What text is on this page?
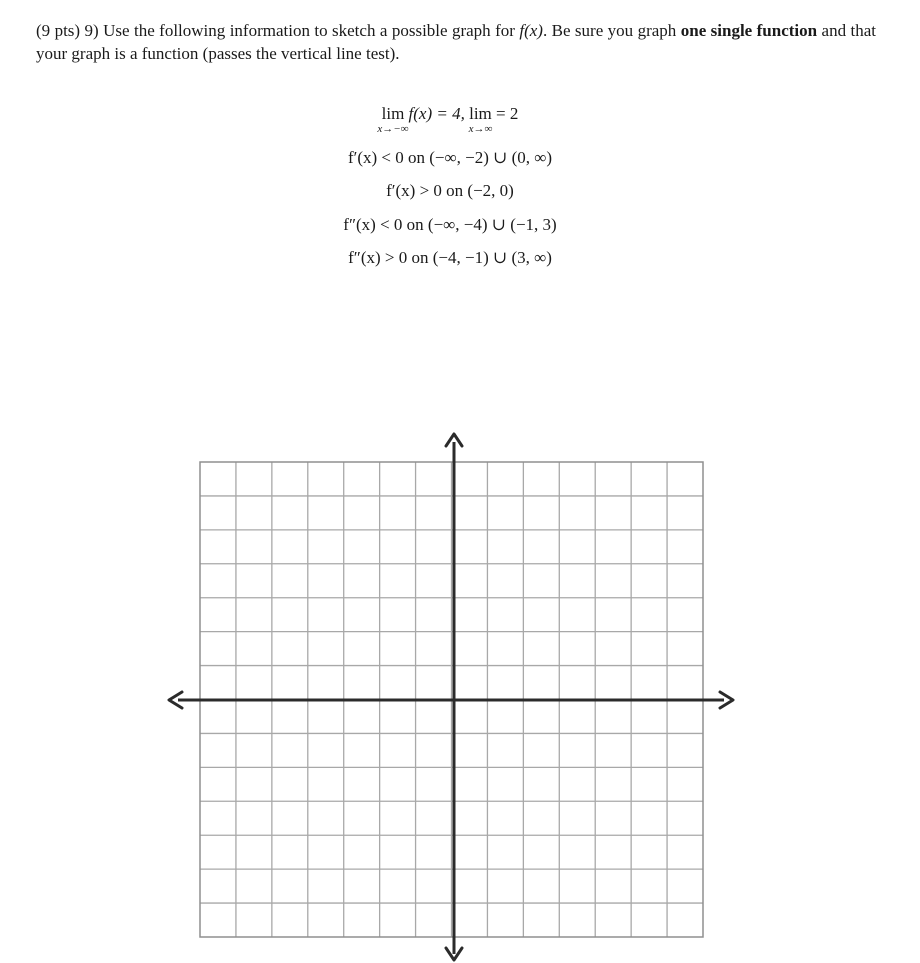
(9 pts) 9) Use the following information to sketch a possible graph for f(x). Be sure you graph one single function and that your graph is a function (passes the vertical line test).
lim
x→−∞
f(x) = 4, lim
x→∞
= 2
f′(x) < 0 on (−∞, −2) ∪ (0, ∞)
f′(x) > 0 on (−2, 0)
f″(x) < 0 on (−∞, −4) ∪ (−1, 3)
f″(x) > 0 on (−4, −1) ∪ (3, ∞)
